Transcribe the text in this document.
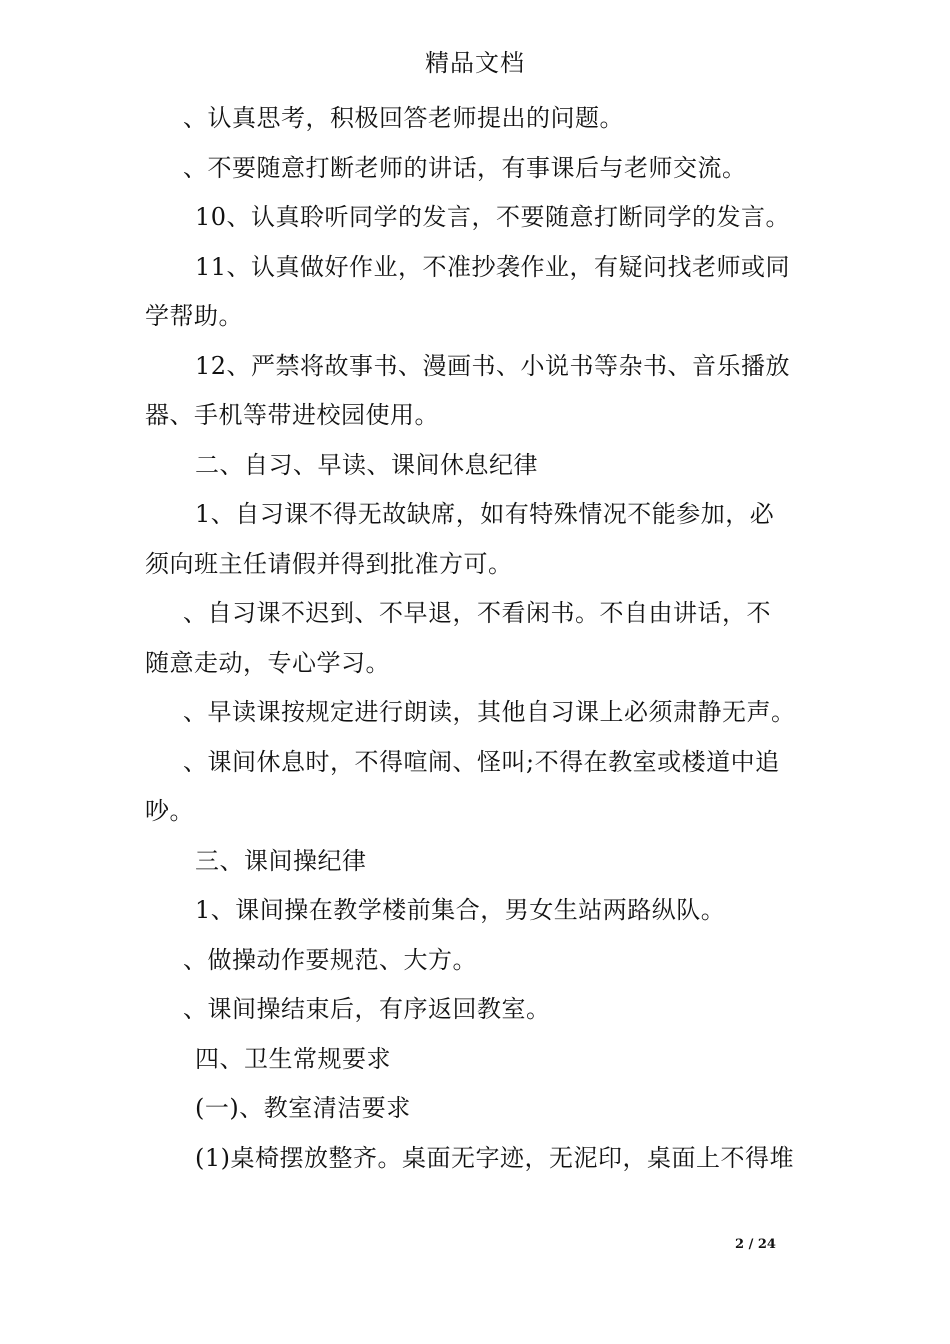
精品文档
、认真思考，积极回答老师提出的问题。
、不要随意打断老师的讲话，有事课后与老师交流。
10、认真聆听同学的发言，不要随意打断同学的发言。
11、认真做好作业，不准抄袭作业，有疑问找老师或同
学帮助。
12、严禁将故事书、漫画书、小说书等杂书、音乐播放
器、手机等带进校园使用。
二、自习、早读、课间休息纪律
1、自习课不得无故缺席，如有特殊情况不能参加，必
须向班主任请假并得到批准方可。
、自习课不迟到、不早退，不看闲书。不自由讲话，不
随意走动，专心学习。
、早读课按规定进行朗读，其他自习课上必须肃静无声。
、课间休息时，不得喧闹、怪叫;不得在教室或楼道中追
吵。
三、课间操纪律
1、课间操在教学楼前集合，男女生站两路纵队。
、做操动作要规范、大方。
、课间操结束后，有序返回教室。
四、卫生常规要求
(一)、教室清洁要求
(1)桌椅摆放整齐。桌面无字迹，无泥印，桌面上不得堆
2 / 24
